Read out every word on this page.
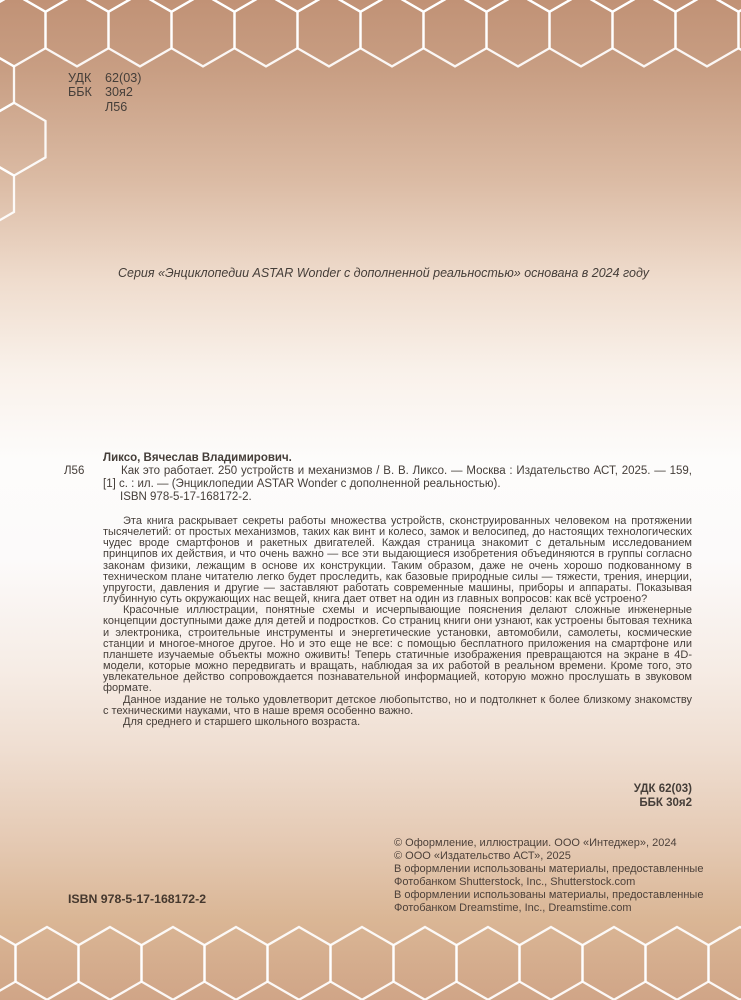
УДК 62(03)
ББК 30я2
Л56
Серия «Энциклопедии ASTAR Wonder с дополненной реальностью» основана в 2024 году
Ликсо, Вячеслав Владимирович.
Л56	Как это работает. 250 устройств и механизмов / В. В. Ликсо. — Москва : Издательство АСТ, 2025. — 159, [1] с. : ил. — (Энциклопедии ASTAR Wonder с дополненной реальностью).
ISBN 978-5-17-168172-2.

Эта книга раскрывает секреты работы множества устройств, сконструированных человеком на протяжении тысячелетий: от простых механизмов, таких как винт и колесо, замок и велосипед, до настоящих технологических чудес вроде смартфонов и ракетных двигателей. Каждая страница знакомит с детальным исследованием принципов их действия, и что очень важно — все эти выдающиеся изобретения объединяются в группы согласно законам физики, лежащим в основе их конструкции. Таким образом, даже не очень хорошо подкованному в техническом плане читателю легко будет проследить, как базовые природные силы — тяжести, трения, инерции, упругости, давления и другие — заставляют работать современные машины, приборы и аппараты. Показывая глубинную суть окружающих нас вещей, книга дает ответ на один из главных вопросов: как всё устроено?

Красочные иллюстрации, понятные схемы и исчерпывающие пояснения делают сложные инженерные концепции доступными даже для детей и подростков. Со страниц книги они узнают, как устроены бытовая техника и электроника, строительные инструменты и энергетические установки, автомобили, самолеты, космические станции и многое-многое другое. Но и это еще не все: с помощью бесплатного приложения на смартфоне или планшете изучаемые объекты можно оживить! Теперь статичные изображения превращаются на экране в 4D-модели, которые можно передвигать и вращать, наблюдая за их работой в реальном времени. Кроме того, это увлекательное действо сопровождается познавательной информацией, которую можно прослушать в звуковом формате.

Данное издание не только удовлетворит детское любопытство, но и подтолкнет к более близкому знакомству с техническими науками, что в наше время особенно важно.

Для среднего и старшего школьного возраста.

УДК 62(03)
ББК 30я2
© Оформление, иллюстрации. ООО «Интеджер», 2024
© ООО «Издательство АСТ», 2025
В оформлении использованы материалы, предоставленные
Фотобанком Shutterstock, Inc., Shutterstock.com
В оформлении использованы материалы, предоставленные
Фотобанком Dreamstime, Inc., Dreamstime.com
ISBN 978-5-17-168172-2
